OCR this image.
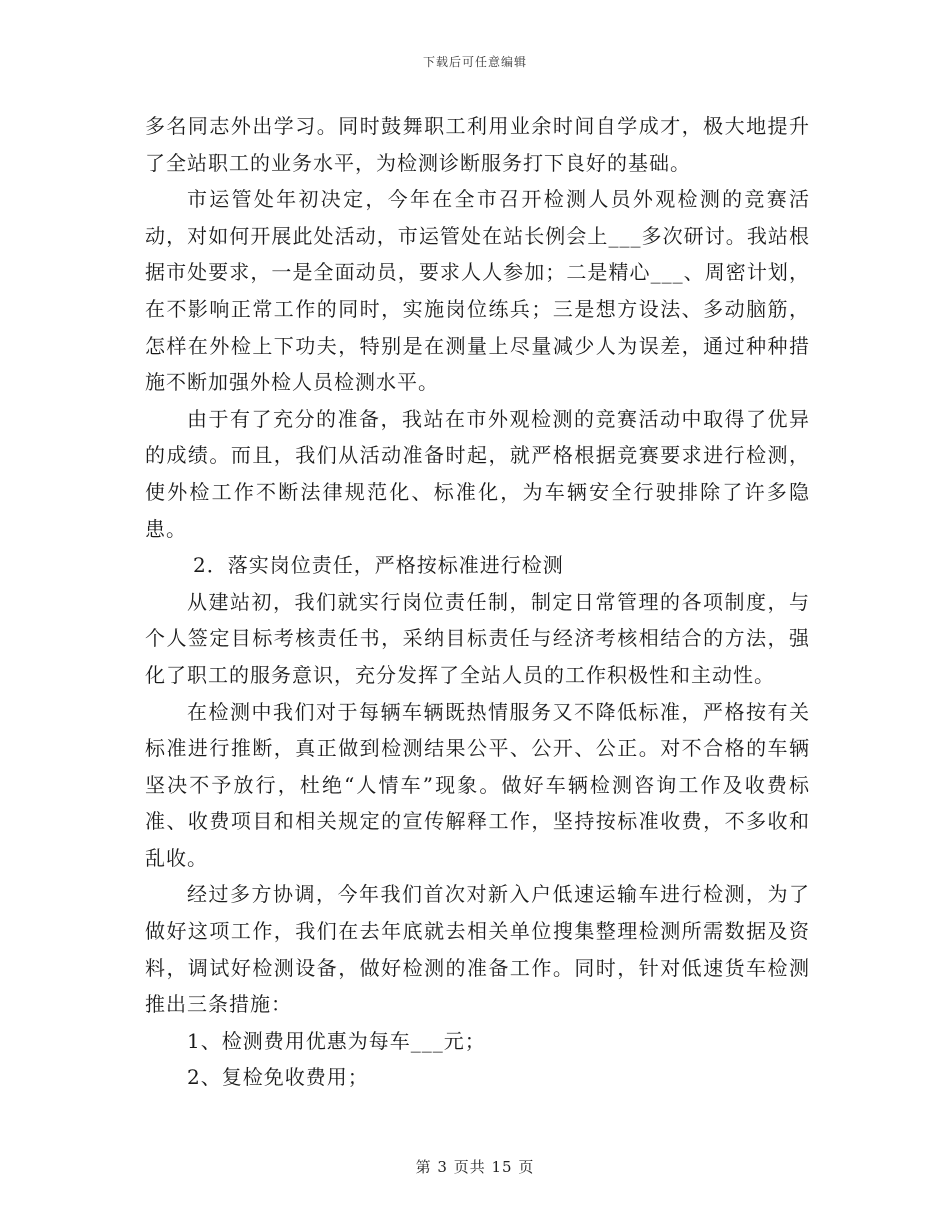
下载后可任意编辑

多名同志外出学习。同时鼓舞职工利用业余时间自学成才，极大地提升了全站职工的业务水平，为检测诊断服务打下良好的基础。

市运管处年初决定，今年在全市召开检测人员外观检测的竞赛活动，对如何开展此处活动，市运管处在站长例会上___多次研讨。我站根据市处要求，一是全面动员，要求人人参加；二是精心___、周密计划，在不影响正常工作的同时，实施岗位练兵；三是想方设法、多动脑筋，怎样在外检上下功夫，特别是在测量上尽量减少人为误差，通过种种措施不断加强外检人员检测水平。

由于有了充分的准备，我站在市外观检测的竞赛活动中取得了优异的成绩。而且，我们从活动准备时起，就严格根据竞赛要求进行检测，使外检工作不断法律规范化、标准化，为车辆安全行驶排除了许多隐患。

2．落实岗位责任，严格按标准进行检测

从建站初，我们就实行岗位责任制，制定日常管理的各项制度，与个人签定目标考核责任书，采纳目标责任与经济考核相结合的方法，强化了职工的服务意识，充分发挥了全站人员的工作积极性和主动性。

在检测中我们对于每辆车辆既热情服务又不降低标准，严格按有关标准进行推断，真正做到检测结果公平、公开、公正。对不合格的车辆坚决不予放行，杜绝“人情车”现象。做好车辆检测咨询工作及收费标准、收费项目和相关规定的宣传解释工作，坚持按标准收费，不多收和乱收。

经过多方协调，今年我们首次对新入户低速运输车进行检测，为了做好这项工作，我们在去年底就去相关单位搜集整理检测所需数据及资料，调试好检测设备，做好检测的准备工作。同时，针对低速货车检测推出三条措施：

1、检测费用优惠为每车___元；

2、复检免收费用；

第 3 页共 15 页
